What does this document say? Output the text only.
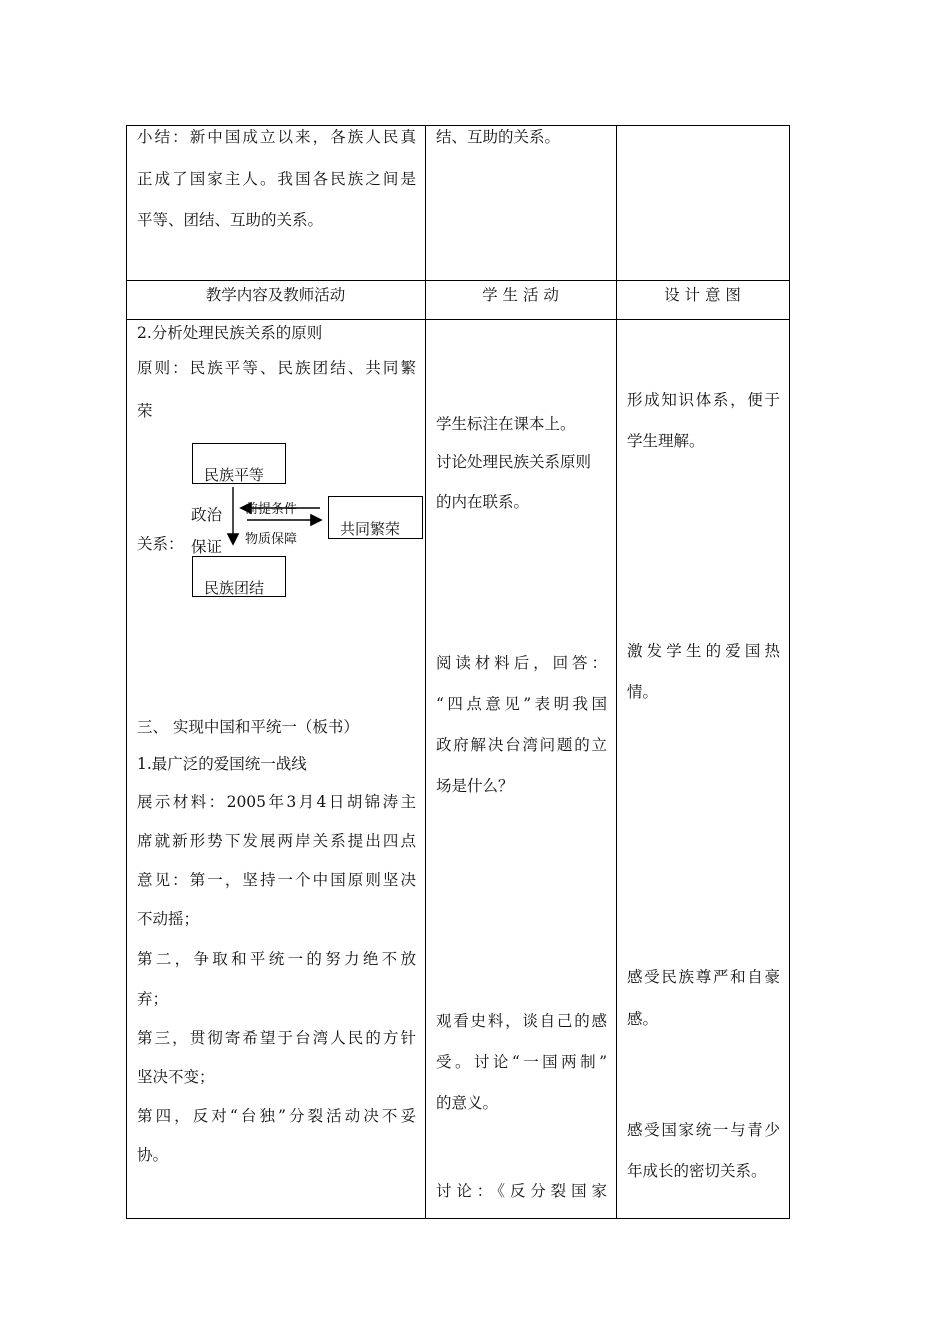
小结：新中国成立以来，各族人民真
正成了国家主人。我国各民族之间是
平等、团结、互助的关系。
结、互助的关系。
教学内容及教师活动	学 生 活 动	设 计 意 图
2.分析处理民族关系的原则
原则：民族平等、民族团结、共同繁
荣
关系：
民族平等
民族团结
共同繁荣
政治
保证
前提条件
物质保障
三、 实现中国和平统一（板书）
1.最广泛的爱国统一战线
展示材料：2005年3月4日胡锦涛主
席就新形势下发展两岸关系提出四点
意见：第一，坚持一个中国原则坚决
不动摇；
第二，争取和平统一的努力绝不放
弃；
第三，贯彻寄希望于台湾人民的方针
坚决不变；
第四，反对“台独”分裂活动决不妥
协。
学生标注在课本上。
讨论处理民族关系原则
的内在联系。
阅读材料后，回答：
“四点意见”表明我国
政府解决台湾问题的立
场是什么？
观看史料，谈自己的感
受。讨论“一国两制”
的意义。
讨论：《反分裂国家
形成知识体系，便于
学生理解。
激发学生的爱国热
情。
感受民族尊严和自豪
感。
感受国家统一与青少
年成长的密切关系。
